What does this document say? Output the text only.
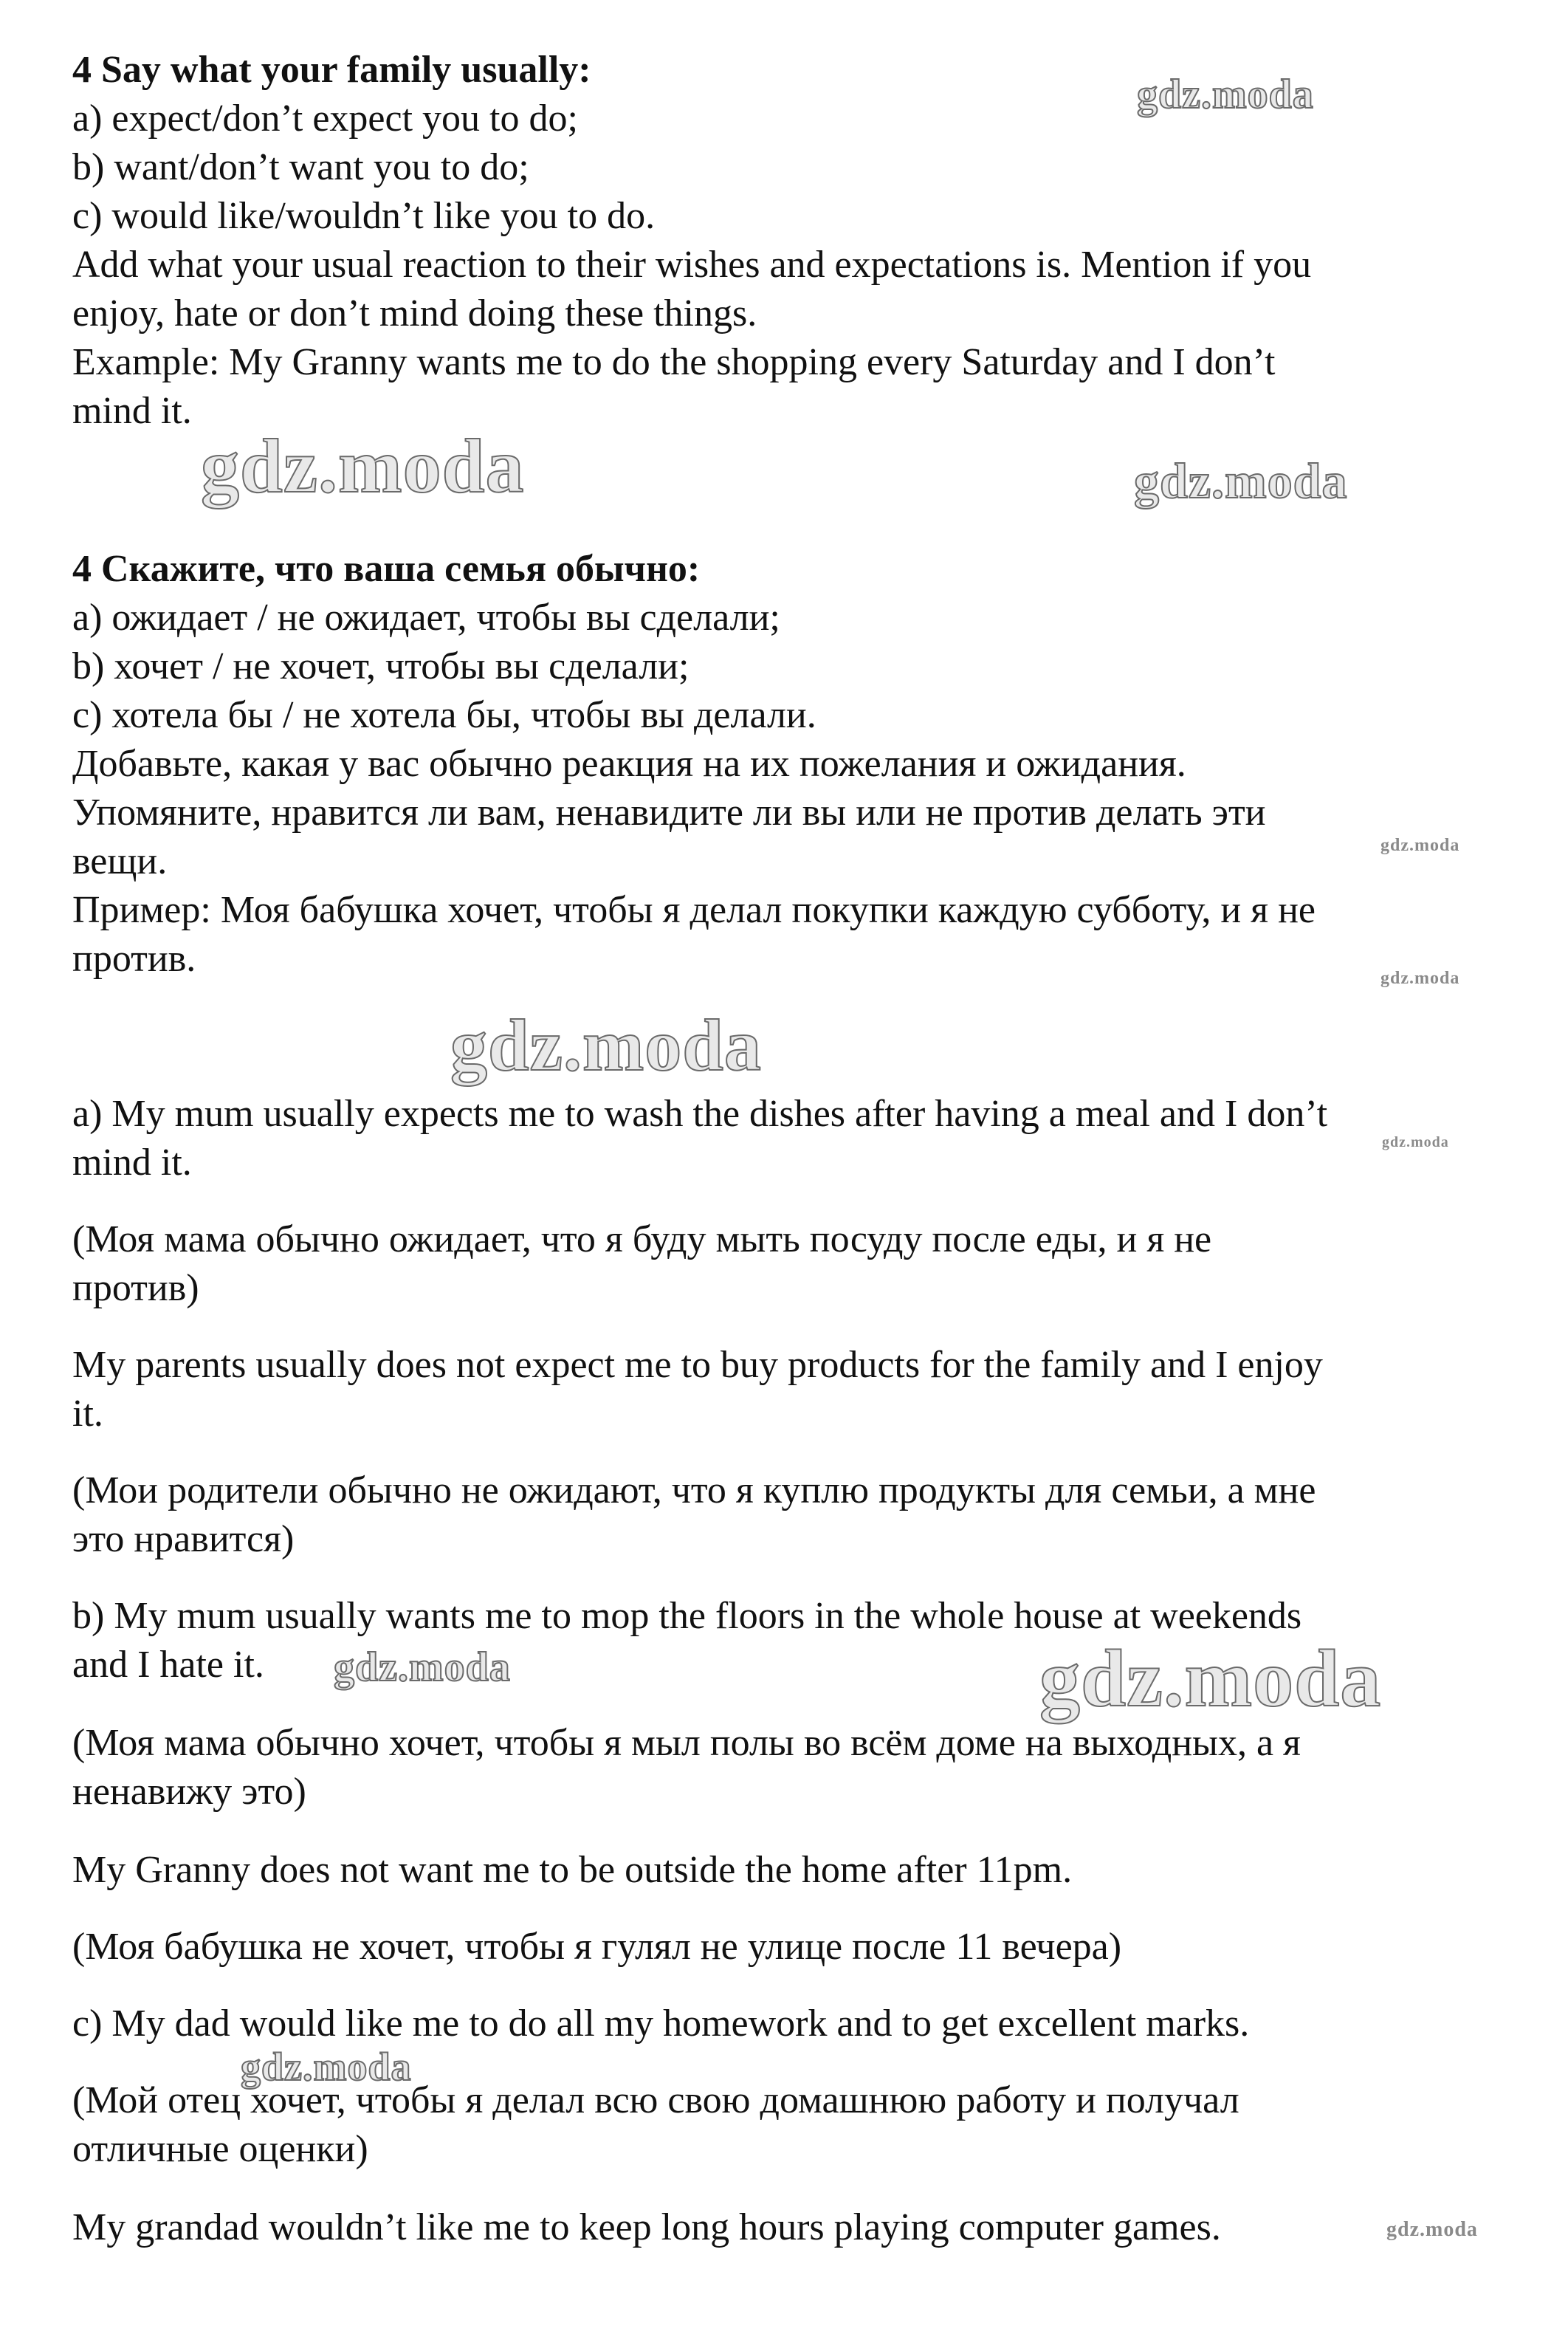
4 Say what your family usually:

a) expect/don’t expect you to do;

b) want/don’t want you to do;

c) would like/wouldn’t like you to do.

Add what your usual reaction to their wishes and expectations is. Mention if you

enjoy, hate or don’t mind doing these things.

Example: My Granny wants me to do the shopping every Saturday and I don’t

mind it.

4 Скажите, что ваша семья обычно:

а) ожидает / не ожидает, чтобы вы сделали;

b) хочет / не хочет, чтобы вы сделали;

c) хотела бы / не хотела бы, чтобы вы делали.

Добавьте, какая у вас обычно реакция на их пожелания и ожидания.

Упомяните, нравится ли вам, ненавидите ли вы или не против делать эти

вещи.

Пример: Моя бабушка хочет, чтобы я делал покупки каждую субботу, и я не

против.

a) My mum usually expects me to wash the dishes after having a meal and I don’t

mind it.

(Моя мама обычно ожидает, что я буду мыть посуду после еды, и я не

против)

My parents usually does not expect me to buy products for the family and I enjoy

it.

(Мои родители обычно не ожидают, что я куплю продукты для семьи, а мне

это нравится)

b) My mum usually wants me to mop the floors in the whole house at weekends

and I hate it.

(Моя мама обычно хочет, чтобы я мыл полы во всём доме на выходных, а я

ненавижу это)

My Granny does not want me to be outside the home after 11pm.

(Моя бабушка не хочет, чтобы я гулял не улице после 11 вечера)

c) My dad would like me to do all my homework and to get excellent marks.

(Мой отец хочет, чтобы я делал всю свою домашнюю работу и получал

отличные оценки)

My grandad wouldn’t like me to keep long hours playing computer games.

gdz.moda
gdz.moda	gdz.moda
gdz.moda
gdz.moda
gdz.moda
gdz.moda
gdz.moda	gdz.moda
gdz.moda
gdz.moda
